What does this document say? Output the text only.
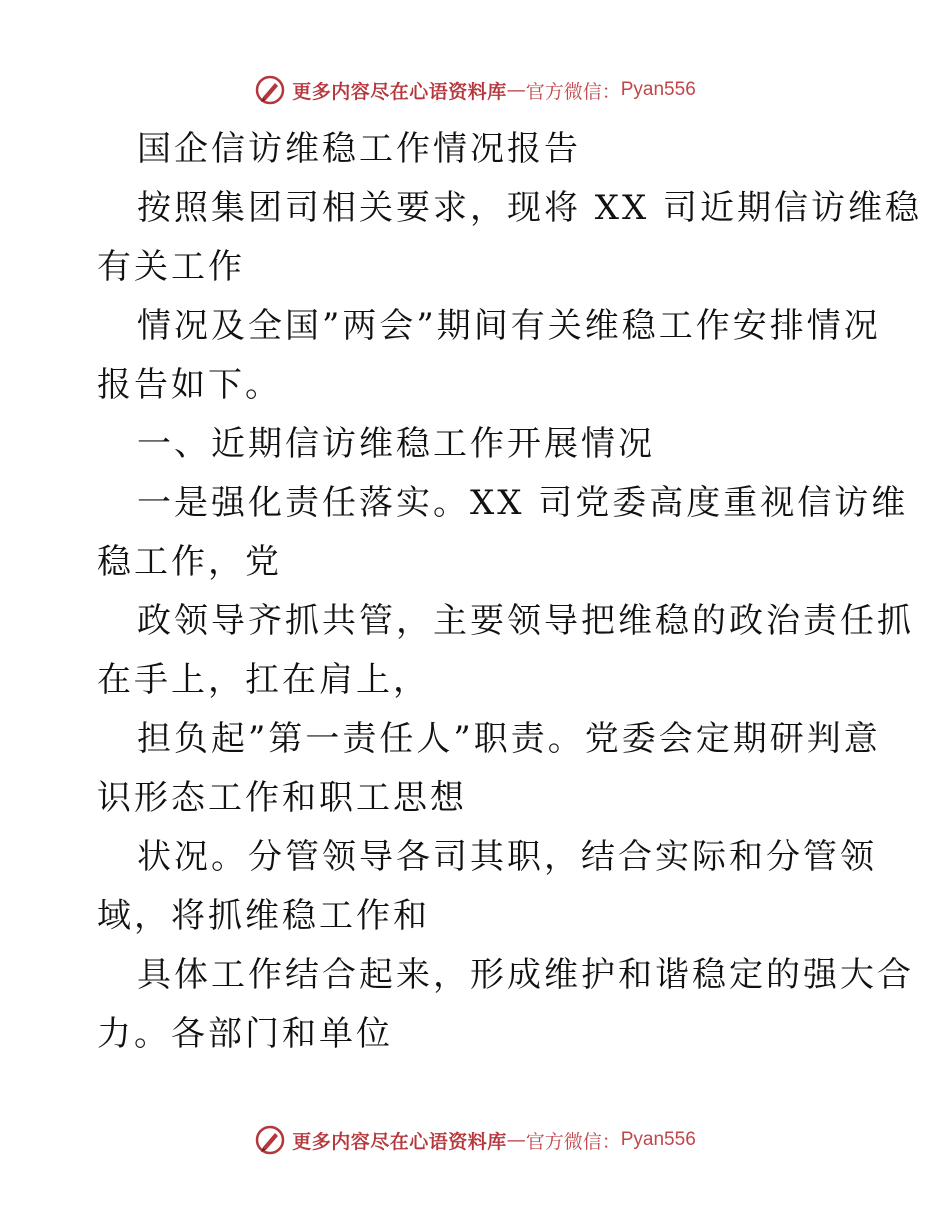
更多内容尽在心语资料库 — 官方微信： Pyan556
国企信访维稳工作情况报告
按照集团司相关要求，现将 XX 司近期信访维稳
有关工作
情况及全国”两会”期间有关维稳工作安排情况
报告如下。
一、近期信访维稳工作开展情况
一是强化责任落实。XX 司党委高度重视信访维
稳工作，党
政领导齐抓共管，主要领导把维稳的政治责任抓
在手上，扛在肩上，
担负起”第一责任人”职责。党委会定期研判意
识形态工作和职工思想
状况。分管领导各司其职，结合实际和分管领
域，将抓维稳工作和
具体工作结合起来，形成维护和谐稳定的强大合
力。各部门和单位
更多内容尽在心语资料库 — 官方微信： Pyan556
